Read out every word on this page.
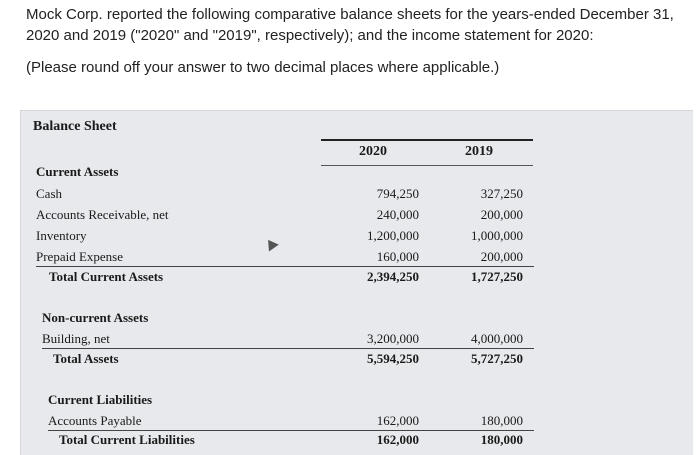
Mock Corp. reported the following comparative balance sheets for the years-ended December 31,

2020 and 2019 ("2020" and "2019", respectively); and the income statement for 2020:

(Please round off your answer to two decimal places where applicable.)

Balance Sheet
2020	2019
Current Assets
Cash	794,250	327,250
Accounts Receivable, net	240,000	200,000
Inventory	1,200,000	1,000,000
Prepaid Expense	160,000	200,000
Total Current Assets	2,394,250	1,727,250
Non-current Assets
Building, net	3,200,000	4,000,000
Total Assets	5,594,250	5,727,250
Current Liabilities
Accounts Payable	162,000	180,000
Total Current Liabilities	162,000	180,000
